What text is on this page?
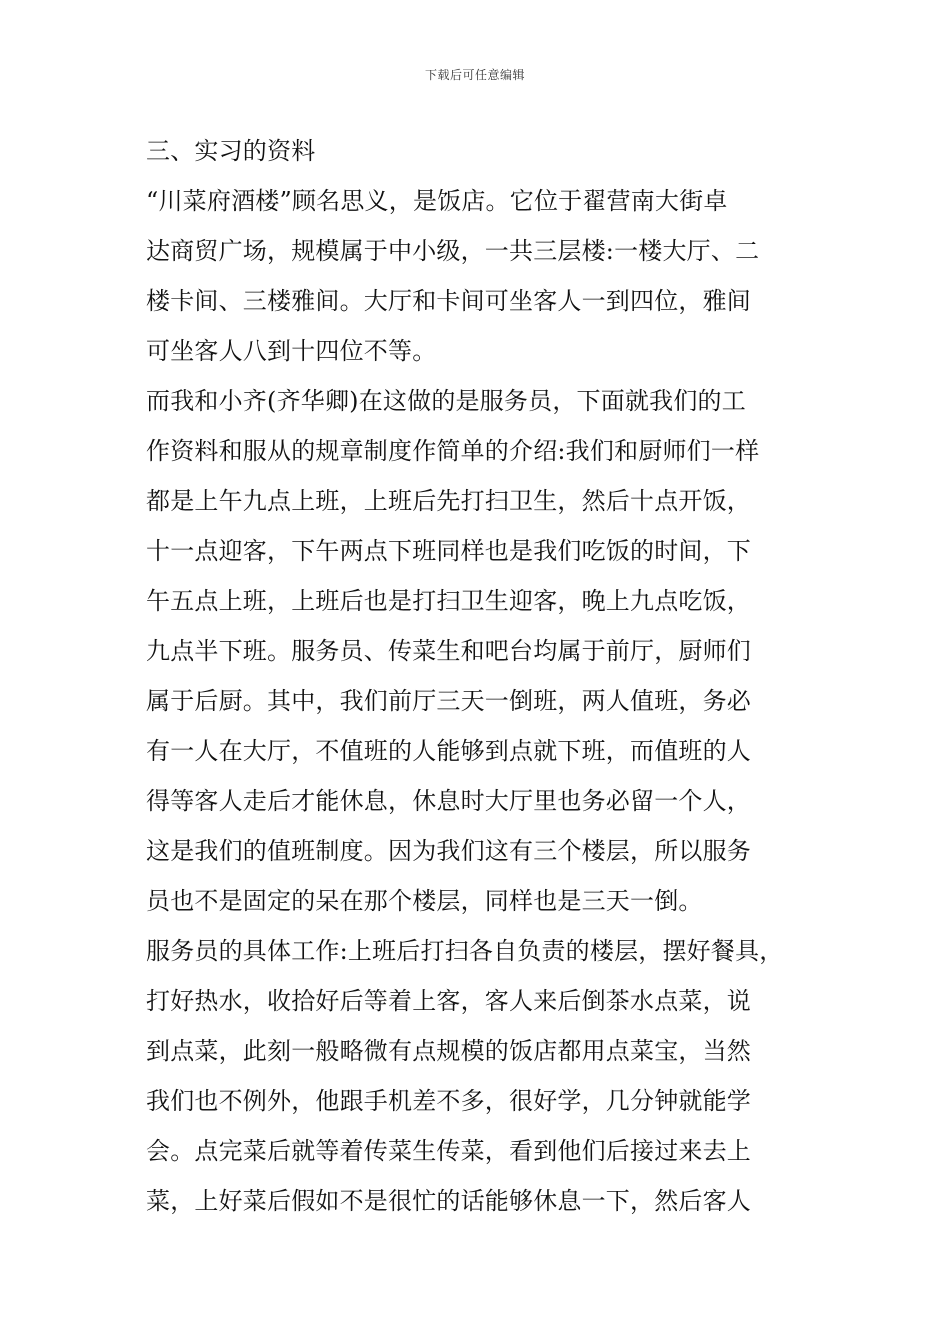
下载后可任意编辑
三、实习的资料
“川菜府酒楼”顾名思义，是饭店。它位于翟营南大街卓
达商贸广场，规模属于中小级，一共三层楼:一楼大厅、二
楼卡间、三楼雅间。大厅和卡间可坐客人一到四位，雅间
可坐客人八到十四位不等。
而我和小齐(齐华卿)在这做的是服务员，下面就我们的工
作资料和服从的规章制度作简单的介绍:我们和厨师们一样
都是上午九点上班，上班后先打扫卫生，然后十点开饭，
十一点迎客，下午两点下班同样也是我们吃饭的时间，下
午五点上班，上班后也是打扫卫生迎客，晚上九点吃饭，
九点半下班。服务员、传菜生和吧台均属于前厅，厨师们
属于后厨。其中，我们前厅三天一倒班，两人值班，务必
有一人在大厅，不值班的人能够到点就下班，而值班的人
得等客人走后才能休息，休息时大厅里也务必留一个人，
这是我们的值班制度。因为我们这有三个楼层，所以服务
员也不是固定的呆在那个楼层，同样也是三天一倒。
服务员的具体工作:上班后打扫各自负责的楼层，摆好餐具，
打好热水，收拾好后等着上客，客人来后倒茶水点菜，说
到点菜，此刻一般略微有点规模的饭店都用点菜宝，当然
我们也不例外，他跟手机差不多，很好学，几分钟就能学
会。点完菜后就等着传菜生传菜，看到他们后接过来去上
菜，上好菜后假如不是很忙的话能够休息一下，然后客人
